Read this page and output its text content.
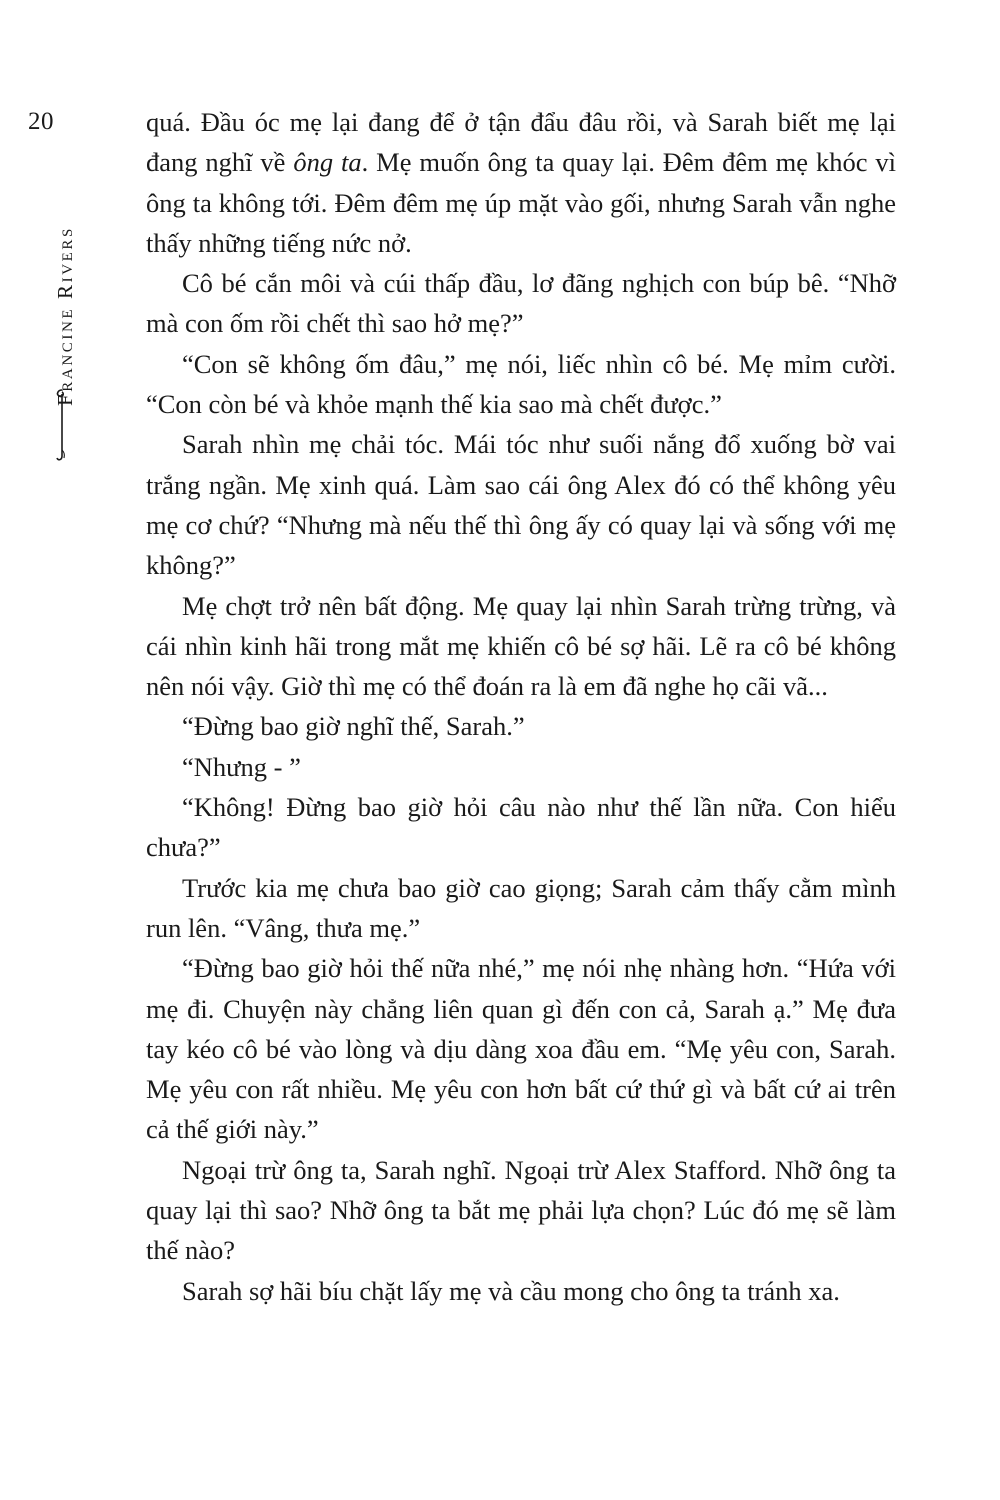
20
Francine Rivers

quá. Đầu óc mẹ lại đang để ở tận đẩu đâu rồi, và Sarah biết mẹ lại đang nghĩ về ông ta. Mẹ muốn ông ta quay lại. Đêm đêm mẹ khóc vì ông ta không tới. Đêm đêm mẹ úp mặt vào gối, nhưng Sarah vẫn nghe thấy những tiếng nức nở.

Cô bé cắn môi và cúi thấp đầu, lơ đãng nghịch con búp bê. “Nhỡ mà con ốm rồi chết thì sao hở mẹ?”

“Con sẽ không ốm đâu,” mẹ nói, liếc nhìn cô bé. Mẹ mỉm cười. “Con còn bé và khỏe mạnh thế kia sao mà chết được.”

Sarah nhìn mẹ chải tóc. Mái tóc như suối nắng đổ xuống bờ vai trắng ngần. Mẹ xinh quá. Làm sao cái ông Alex đó có thể không yêu mẹ cơ chứ? “Nhưng mà nếu thế thì ông ấy có quay lại và sống với mẹ không?”

Mẹ chợt trở nên bất động. Mẹ quay lại nhìn Sarah trừng trừng, và cái nhìn kinh hãi trong mắt mẹ khiến cô bé sợ hãi. Lẽ ra cô bé không nên nói vậy. Giờ thì mẹ có thể đoán ra là em đã nghe họ cãi vã...

“Đừng bao giờ nghĩ thế, Sarah.”

“Nhưng - ”

“Không! Đừng bao giờ hỏi câu nào như thế lần nữa. Con hiểu chưa?”

Trước kia mẹ chưa bao giờ cao giọng; Sarah cảm thấy cằm mình run lên. “Vâng, thưa mẹ.”

“Đừng bao giờ hỏi thế nữa nhé,” mẹ nói nhẹ nhàng hơn. “Hứa với mẹ đi. Chuyện này chẳng liên quan gì đến con cả, Sarah ạ.” Mẹ đưa tay kéo cô bé vào lòng và dịu dàng xoa đầu em. “Mẹ yêu con, Sarah. Mẹ yêu con rất nhiều. Mẹ yêu con hơn bất cứ thứ gì và bất cứ ai trên cả thế giới này.”

Ngoại trừ ông ta, Sarah nghĩ. Ngoại trừ Alex Stafford. Nhỡ ông ta quay lại thì sao? Nhỡ ông ta bắt mẹ phải lựa chọn? Lúc đó mẹ sẽ làm thế nào?

Sarah sợ hãi bíu chặt lấy mẹ và cầu mong cho ông ta tránh xa.
